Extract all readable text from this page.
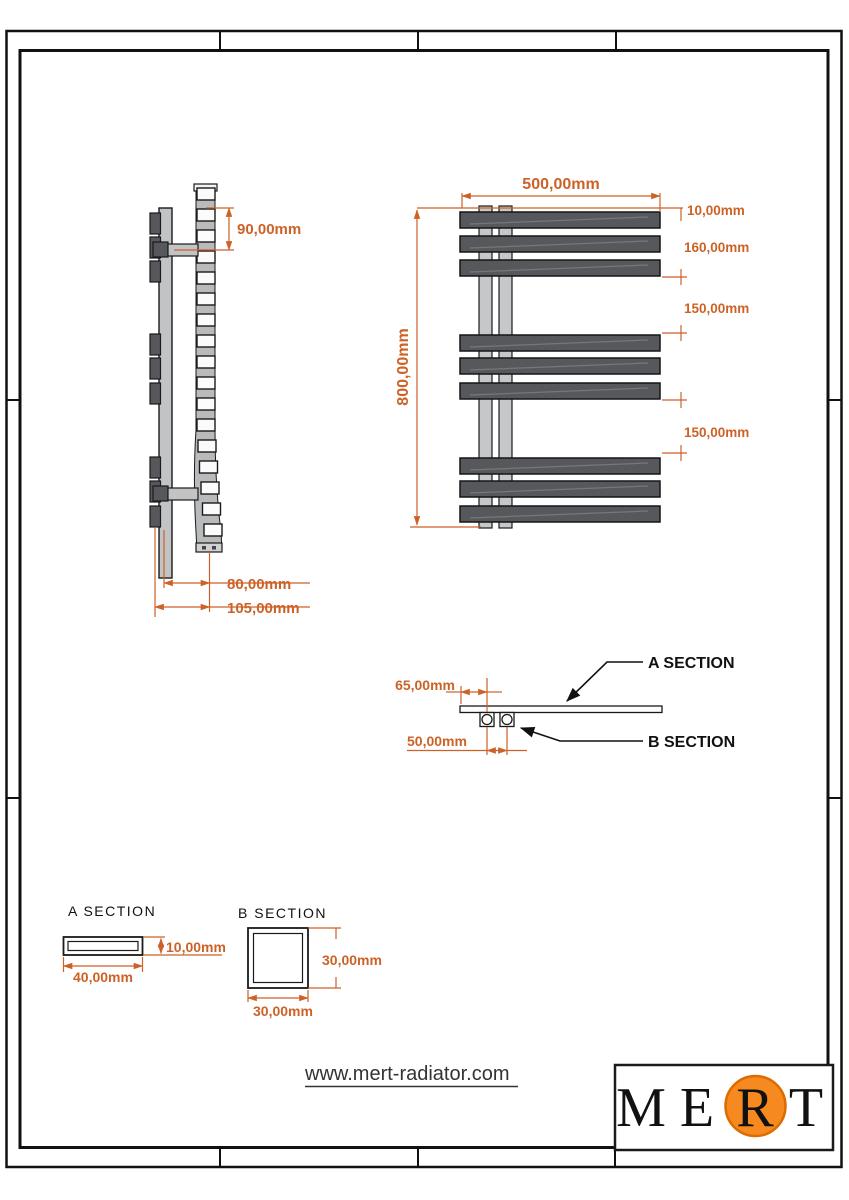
90,00mm
80,00mm
105,00mm
500,00mm
10,00mm
800,00mm
160,00mm
150,00mm
150,00mm
65,00mm
50,00mm
A SECTION
B SECTION
A SECTION
10,00mm
40,00mm
B SECTION
30,00mm
30,00mm
www.mert-radiator.com
M E R T
